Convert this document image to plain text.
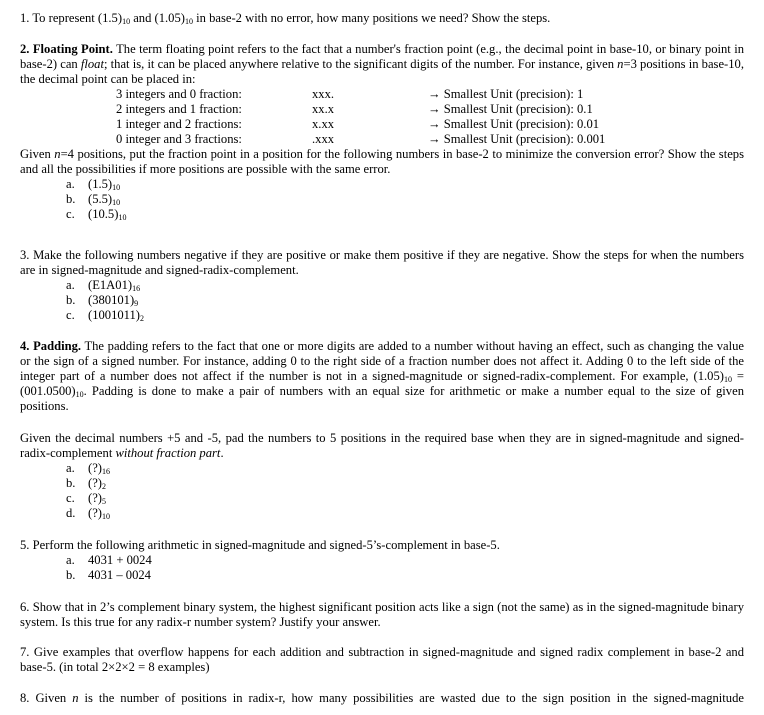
1. To represent $(1.5)_{10}$ and $(1.05)_{10}$ in base-2 with no error, how many positions we need? Show the steps.

2. Floating Point. The term floating point refers to the fact that a number's fraction point (e.g., the decimal point in base-10, or binary point in base-2) can float; that is, it can be placed anywhere relative to the significant digits of the number. For instance, given n=3 positions in base-10, the decimal point can be placed in:

3 integers and 0 fraction:	xxx.	→ Smallest Unit (precision): 1
2 integers and 1 fraction:	xx.x	→ Smallest Unit (precision): 0.1
1 integer and 2 fractions:	x.xx	→ Smallest Unit (precision): 0.01
0 integer and 3 fractions:	.xxx	→ Smallest Unit (precision): 0.001

Given n=4 positions, put the fraction point in a position for the following numbers in base-2 to minimize the conversion error? Show the steps and all the possibilities if more positions are possible with the same error.

a.	$(1.5)_{10}$
b. $(5.5)_{10}$
c.	$(10.5)_{10}$

3. Make the following numbers negative if they are positive or make them positive if they are negative. Show the steps for when the numbers are in signed-magnitude and signed-radix-complement.

a.	$(E1A01)_{16}$
b. $(380101)_9$
c.	$(1001011)_2$

4. Padding. The padding refers to the fact that one or more digits are added to a number without having an effect, such as changing the value or the sign of a signed number. For instance, adding 0 to the right side of a fraction number does not affect it. Adding 0 to the left side of the integer part of a number does not affect if the number is not in a signed-magnitude or signed-radix-complement. For example, $(1.05)_{10} = (001.0500)_{10}$. Padding is done to make a pair of numbers with an equal size for arithmetic or make a number equal to the size of given positions.

Given the decimal numbers +5 and -5, pad the numbers to 5 positions in the required base when they are in signed-magnitude and signed-radix-complement without fraction part.

a.	$(?)_{16}$
b. $(?)_2$
c.	$(?)_5$
d. $(?)_{10}$

5. Perform the following arithmetic in signed-magnitude and signed-5’s-complement in base-5.

a.	4031 + 0024
b. 4031 – 0024

6. Show that in 2’s complement binary system, the highest significant position acts like a sign (not the same) as in the signed-magnitude binary system. Is this true for any radix-r number system? Justify your answer.

7. Give examples that overflow happens for each addition and subtraction in signed-magnitude and signed radix complement in base-2 and base-5. (in total 2×2×2 = 8 examples)

8. Given n is the number of positions in radix-r, how many possibilities are wasted due to the sign position in the signed-magnitude
